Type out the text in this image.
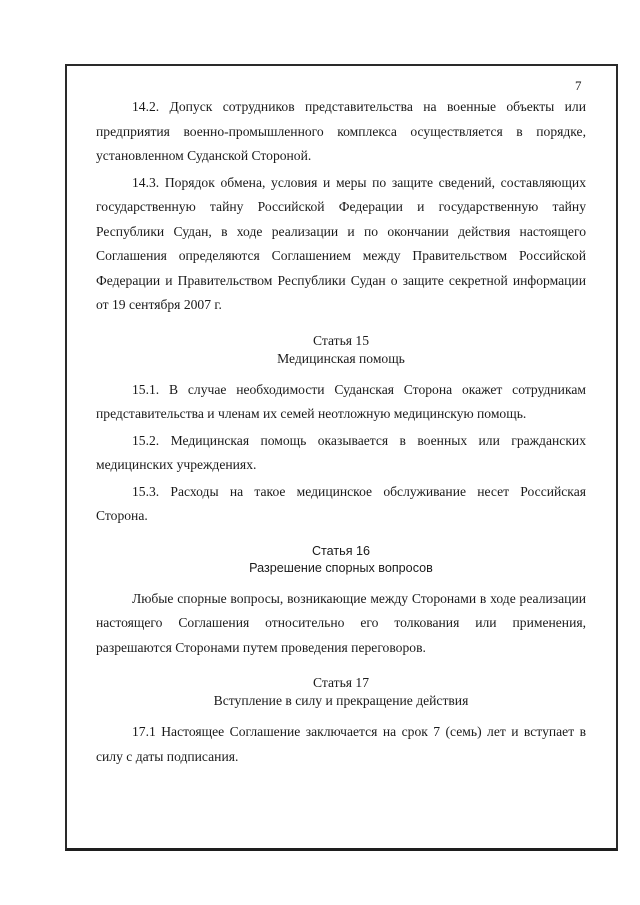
7

14.2. Допуск сотрудников представительства на военные объекты или предприятия военно-промышленного комплекса осуществляется в порядке, установленном Суданской Стороной.

14.3. Порядок обмена, условия и меры по защите сведений, составляющих государственную тайну Российской Федерации и государственную тайну Республики Судан, в ходе реализации и по окончании действия настоящего Соглашения определяются Соглашением между Правительством Российской Федерации и Правительством Республики Судан о защите секретной информации от 19 сентября 2007 г.

Статья 15

Медицинская помощь

15.1. В случае необходимости Суданская Сторона окажет сотрудникам представительства и членам их семей неотложную медицинскую помощь.

15.2. Медицинская помощь оказывается в военных или гражданских медицинских учреждениях.

15.3. Расходы на такое медицинское обслуживание несет Российская Сторона.

Статья 16

Разрешение спорных вопросов

Любые спорные вопросы, возникающие между Сторонами в ходе реализации настоящего Соглашения относительно его толкования или применения, разрешаются Сторонами путем проведения переговоров.

Статья 17

Вступление в силу и прекращение действия

17.1 Настоящее Соглашение заключается на срок 7 (семь) лет и вступает в силу с даты подписания.
